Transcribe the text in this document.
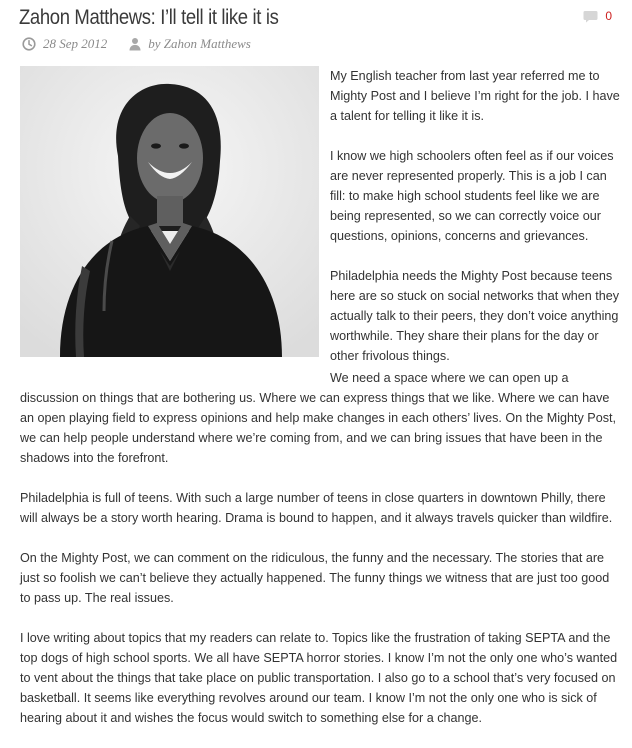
Zahon Matthews: I’ll tell it like it is	0
28 Sep 2012	by Zahon Matthews

My English teacher from last year referred me to Mighty Post and I believe I’m right for the job. I have a talent for telling it like it is.

I know we high schoolers often feel as if our voices are never represented properly. This is a job I can fill: to make high school students feel like we are being represented, so we can correctly voice our questions, opinions, concerns and grievances.

Philadelphia needs the Mighty Post because teens here are so stuck on social networks that when they actually talk to their peers, they don’t voice anything worthwhile. They share their plans for the day or other frivolous things.

We need a space where we can open up a discussion on things that are bothering us. Where we can express things that we like. Where we can have an open playing field to express opinions and help make changes in each others’ lives. On the Mighty Post, we can help people understand where we’re coming from, and we can bring issues that have been in the shadows into the forefront.

Philadelphia is full of teens. With such a large number of teens in close quarters in downtown Philly, there will always be a story worth hearing. Drama is bound to happen, and it always travels quicker than wildfire.

On the Mighty Post, we can comment on the ridiculous, the funny and the necessary. The stories that are just so foolish we can’t believe they actually happened. The funny things we witness that are just too good to pass up. The real issues.

I love writing about topics that my readers can relate to. Topics like the frustration of taking SEPTA and the top dogs of high school sports. We all have SEPTA horror stories. I know I’m not the only one who’s wanted to vent about the things that take place on public transportation. I also go to a school that’s very focused on basketball. It seems like everything revolves around our team. I know I’m not the only one who is sick of hearing about it and wishes the focus would switch to something else for a change.
